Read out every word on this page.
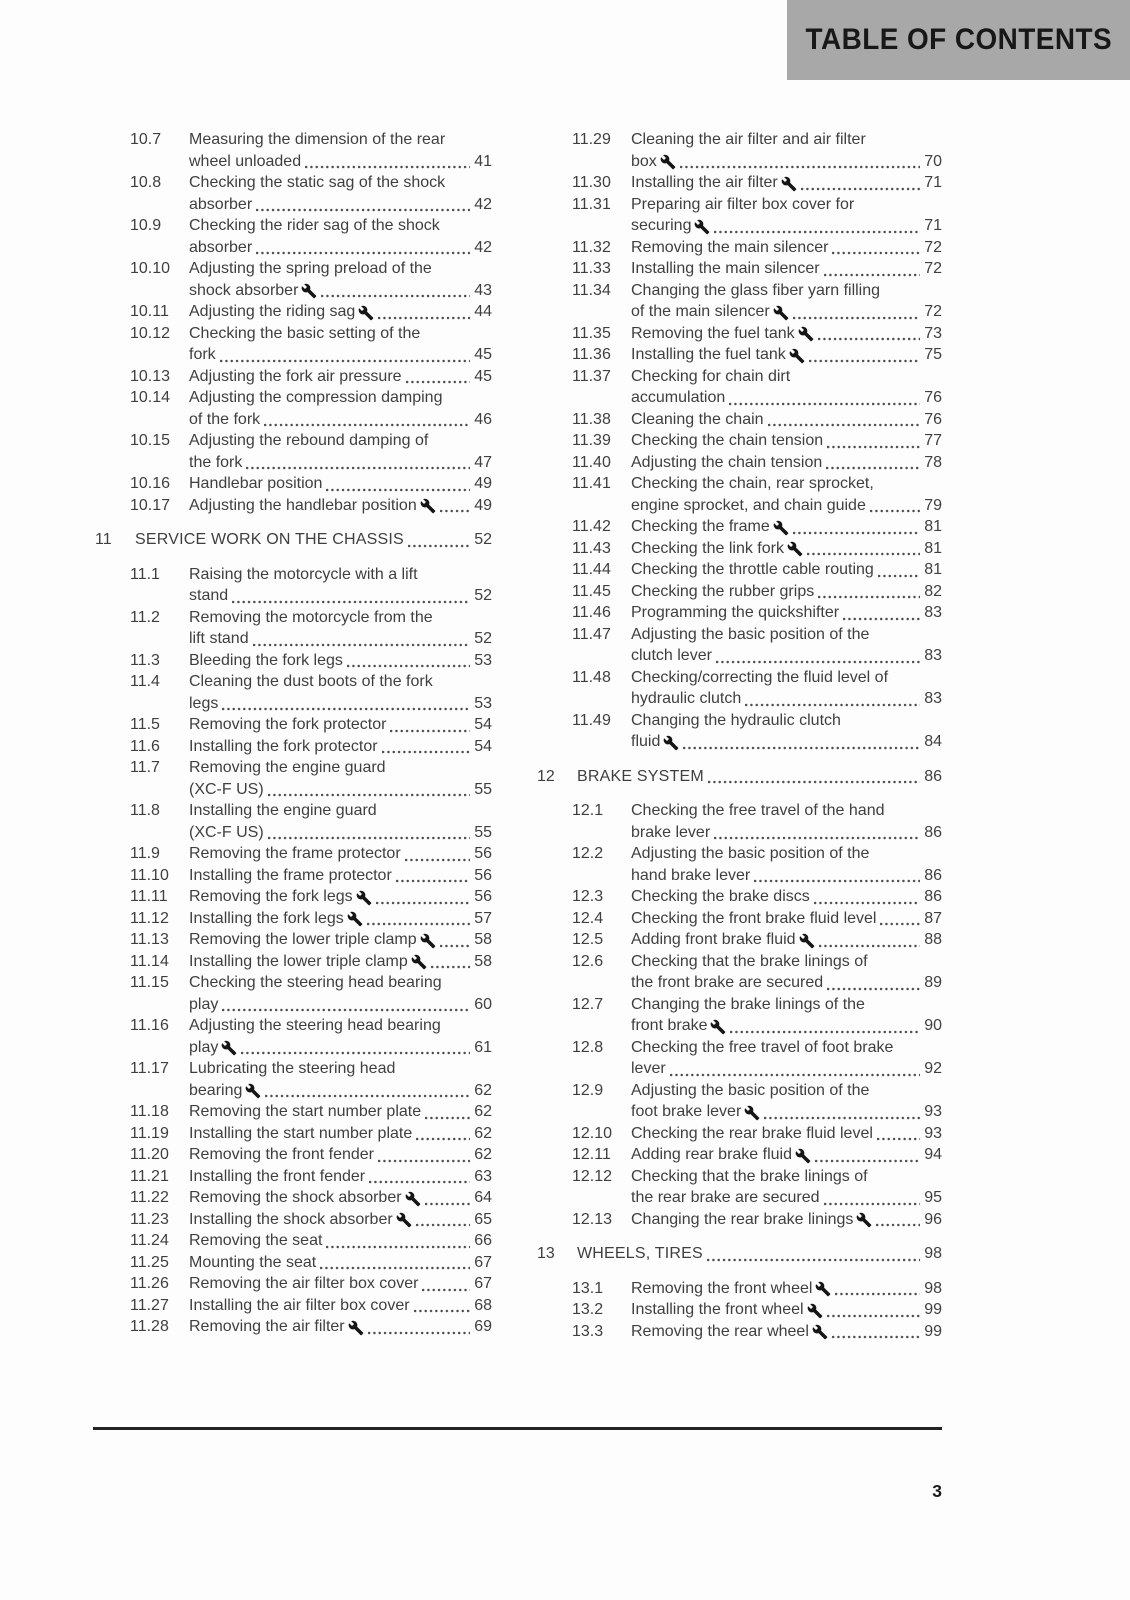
TABLE OF CONTENTS
10.7	Measuring the dimension of the rear
wheel unloaded	41
10.8	Checking the static sag of the shock
absorber	42
10.9	Checking the rider sag of the shock
absorber	42
10.10	Adjusting the spring preload of the
shock absorber	43
10.11	Adjusting the riding sag	44
10.12	Checking the basic setting of the
fork	45
10.13	Adjusting the fork air pressure	45
10.14	Adjusting the compression damping
of the fork	46
10.15	Adjusting the rebound damping of
the fork	47
10.16	Handlebar position	49
10.17	Adjusting the handlebar position	49
11	SERVICE WORK ON THE CHASSIS	52
11.1	Raising the motorcycle with a lift
stand	52
11.2	Removing the motorcycle from the
lift stand	52
11.3	Bleeding the fork legs	53
11.4	Cleaning the dust boots of the fork
legs	53
11.5	Removing the fork protector	54
11.6	Installing the fork protector	54
11.7	Removing the engine guard
(XC-F US)	55
11.8	Installing the engine guard
(XC-F US)	55
11.9	Removing the frame protector	56
11.10	Installing the frame protector	56
11.11	Removing the fork legs	56
11.12	Installing the fork legs	57
11.13	Removing the lower triple clamp	58
11.14	Installing the lower triple clamp	58
11.15	Checking the steering head bearing
play	60
11.16	Adjusting the steering head bearing
play	61
11.17	Lubricating the steering head
bearing	62
11.18	Removing the start number plate	62
11.19	Installing the start number plate	62
11.20	Removing the front fender	62
11.21	Installing the front fender	63
11.22	Removing the shock absorber	64
11.23	Installing the shock absorber	65
11.24	Removing the seat	66
11.25	Mounting the seat	67
11.26	Removing the air filter box cover	67
11.27	Installing the air filter box cover	68
11.28	Removing the air filter	69
11.29	Cleaning the air filter and air filter
box	70
11.30	Installing the air filter	71
11.31	Preparing air filter box cover for
securing	71
11.32	Removing the main silencer	72
11.33	Installing the main silencer	72
11.34	Changing the glass fiber yarn filling
of the main silencer	72
11.35	Removing the fuel tank	73
11.36	Installing the fuel tank	75
11.37	Checking for chain dirt
accumulation	76
11.38	Cleaning the chain	76
11.39	Checking the chain tension	77
11.40	Adjusting the chain tension	78
11.41	Checking the chain, rear sprocket,
engine sprocket, and chain guide	79
11.42	Checking the frame	81
11.43	Checking the link fork	81
11.44	Checking the throttle cable routing	81
11.45	Checking the rubber grips	82
11.46	Programming the quickshifter	83
11.47	Adjusting the basic position of the
clutch lever	83
11.48	Checking/correcting the fluid level of
hydraulic clutch	83
11.49	Changing the hydraulic clutch
fluid	84
12	BRAKE SYSTEM	86
12.1	Checking the free travel of the hand
brake lever	86
12.2	Adjusting the basic position of the
hand brake lever	86
12.3	Checking the brake discs	86
12.4	Checking the front brake fluid level	87
12.5	Adding front brake fluid	88
12.6	Checking that the brake linings of
the front brake are secured	89
12.7	Changing the brake linings of the
front brake	90
12.8	Checking the free travel of foot brake
lever	92
12.9	Adjusting the basic position of the
foot brake lever	93
12.10	Checking the rear brake fluid level	93
12.11	Adding rear brake fluid	94
12.12	Checking that the brake linings of
the rear brake are secured	95
12.13	Changing the rear brake linings	96
13	WHEELS, TIRES	98
13.1	Removing the front wheel	98
13.2	Installing the front wheel	99
13.3	Removing the rear wheel	99
3
